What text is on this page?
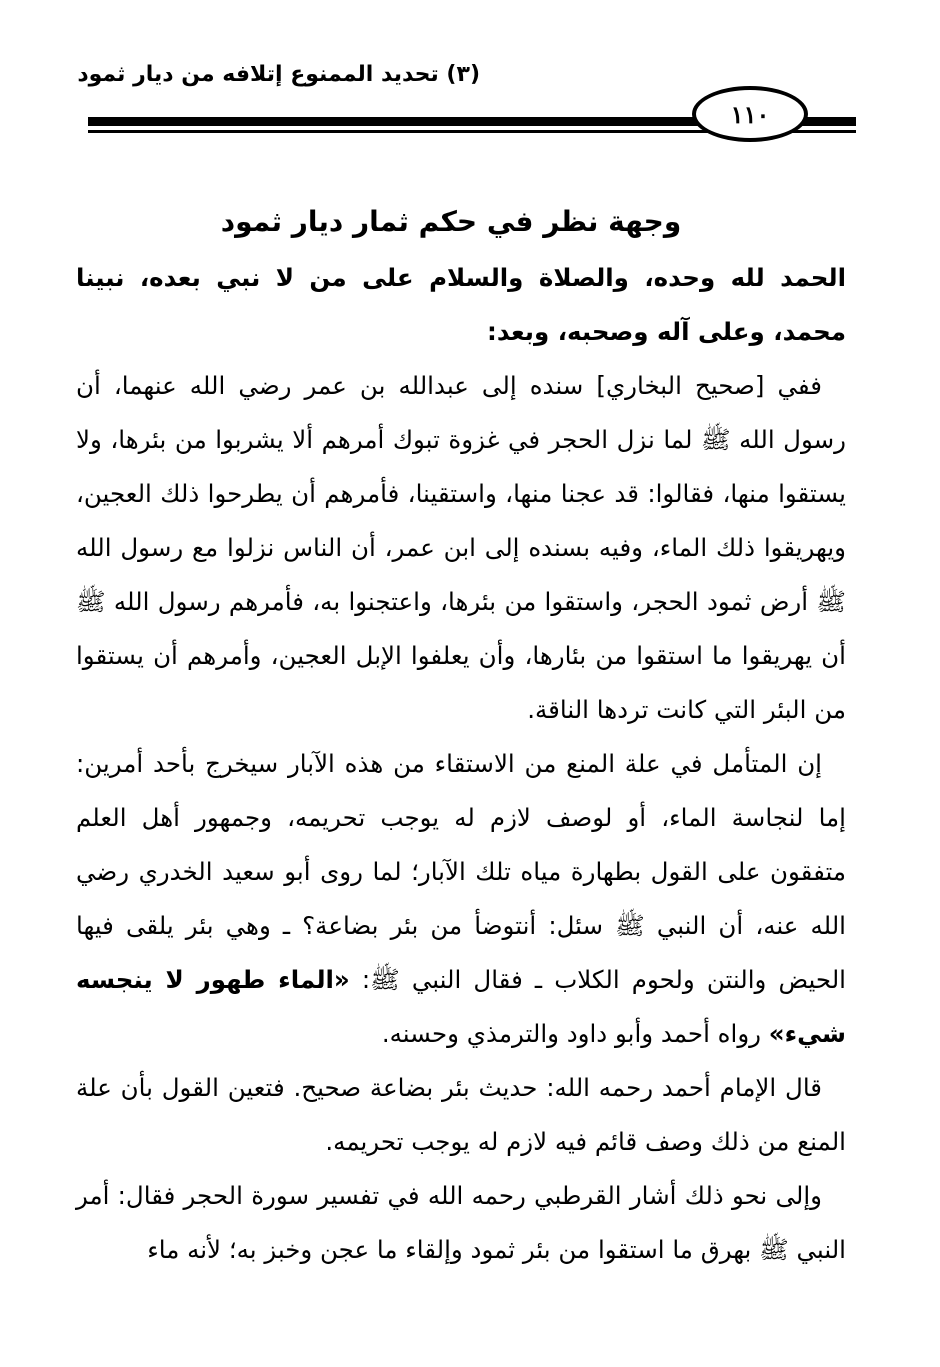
(٣) تحديد الممنوع إتلافه من ديار ثمود
١١٠
وجهة نظر في حكم ثمار ديار ثمود

الحمد لله وحده، والصلاة والسلام على من لا نبي بعده، نبينا محمد، وعلى آله وصحبه، وبعد:

ففي [صحيح البخاري] سنده إلى عبدالله بن عمر رضي الله عنهما، أن رسول الله ﷺ لما نزل الحجر في غزوة تبوك أمرهم ألا يشربوا من بئرها، ولا يستقوا منها، فقالوا: قد عجنا منها، واستقينا، فأمرهم أن يطرحوا ذلك العجين، ويهريقوا ذلك الماء، وفيه بسنده إلى ابن عمر، أن الناس نزلوا مع رسول الله ﷺ أرض ثمود الحجر، واستقوا من بئرها، واعتجنوا به، فأمرهم رسول الله ﷺ أن يهريقوا ما استقوا من بئارها، وأن يعلفوا الإبل العجين، وأمرهم أن يستقوا من البئر التي كانت تردها الناقة.

إن المتأمل في علة المنع من الاستقاء من هذه الآبار سيخرج بأحد أمرين: إما لنجاسة الماء، أو لوصف لازم له يوجب تحريمه، وجمهور أهل العلم متفقون على القول بطهارة مياه تلك الآبار؛ لما روى أبو سعيد الخدري رضي الله عنه، أن النبي ﷺ سئل: أنتوضأ من بئر بضاعة؟ ـ وهي بئر يلقى فيها الحيض والنتن ولحوم الكلاب ـ فقال النبي ﷺ: «الماء طهور لا ينجسه شيء» رواه أحمد وأبو داود والترمذي وحسنه.

قال الإمام أحمد رحمه الله: حديث بئر بضاعة صحيح. فتعين القول بأن علة المنع من ذلك وصف قائم فيه لازم له يوجب تحريمه.

وإلى نحو ذلك أشار القرطبي رحمه الله في تفسير سورة الحجر فقال: أمر النبي ﷺ بهرق ما استقوا من بئر ثمود وإلقاء ما عجن وخبز به؛ لأنه ماء
